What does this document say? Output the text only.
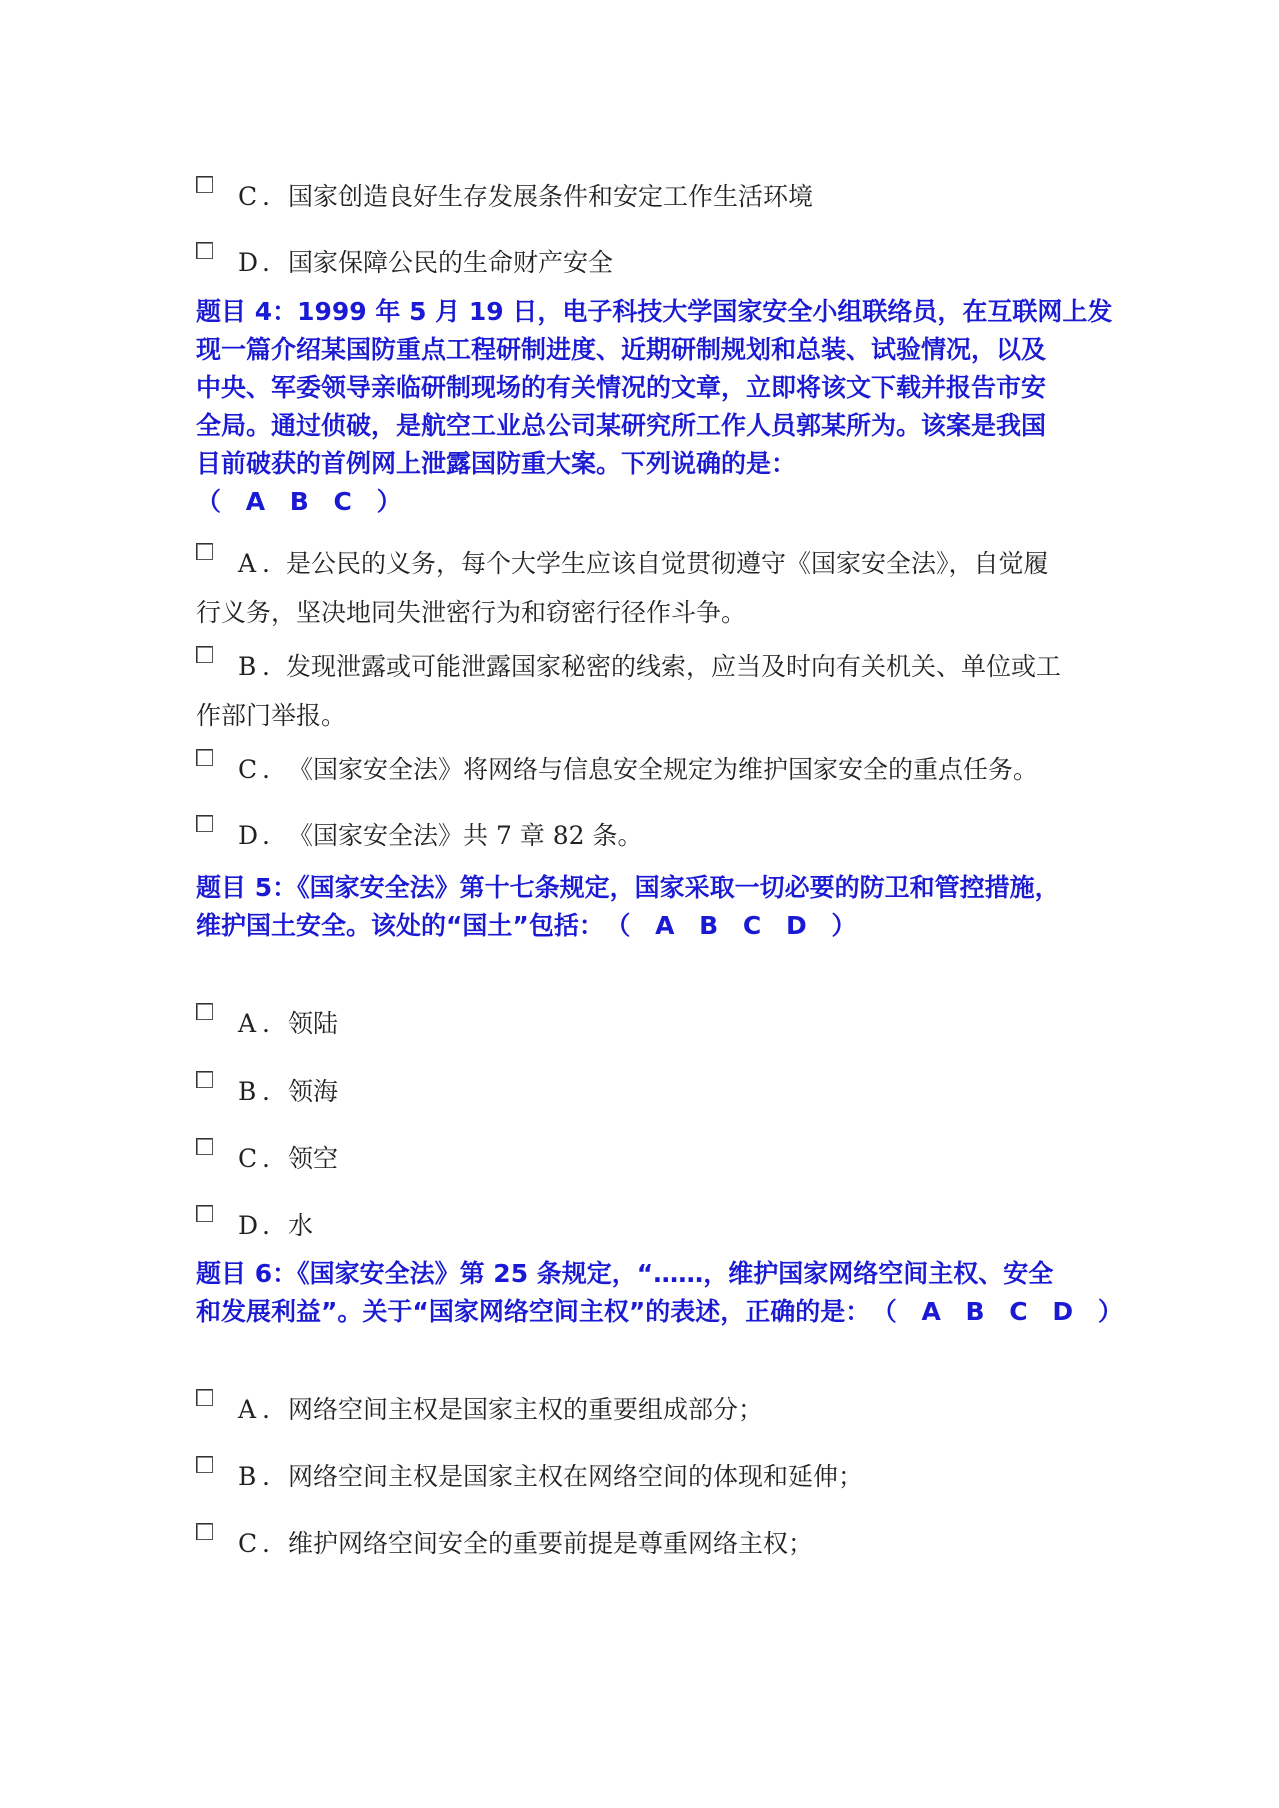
C . 国家创造良好生存发展条件和安定工作生活环境
D . 国家保障公民的生命财产安全
题目 4：1999 年 5 月 19 日，电子科技大学国家安全小组联络员，在互联网上发
现一篇介绍某国防重点工程研制进度、近期研制规划和总装、试验情况，以及
中央、军委领导亲临研制现场的有关情况的文章，立即将该文下载并报告市安
全局。通过侦破，是航空工业总公司某研究所工作人员郭某所为。该案是我国
目前破获的首例网上泄露国防重大案。下列说确的是：
（ A B C ）
A . 是公民的义务，每个大学生应该自觉贯彻遵守《国家安全法》，自觉履
行义务，坚决地同失泄密行为和窃密行径作斗争。
B . 发现泄露或可能泄露国家秘密的线索，应当及时向有关机关、单位或工
作部门举报。
C . 《国家安全法》将网络与信息安全规定为维护国家安全的重点任务。
D . 《国家安全法》共 7 章 82 条。
题目 5：《国家安全法》第十七条规定，国家采取一切必要的防卫和管控措施，
维护国土安全。该处的“国土”包括： （ A B C D ）
A . 领陆
B . 领海
C . 领空
D . 水
题目 6：《国家安全法》第 25 条规定，“……，维护国家网络空间主权、安全
和发展利益”。关于“国家网络空间主权”的表述，正确的是： （ A B C D ）
A . 网络空间主权是国家主权的重要组成部分；
B . 网络空间主权是国家主权在网络空间的体现和延伸；
C . 维护网络空间安全的重要前提是尊重网络主权；
